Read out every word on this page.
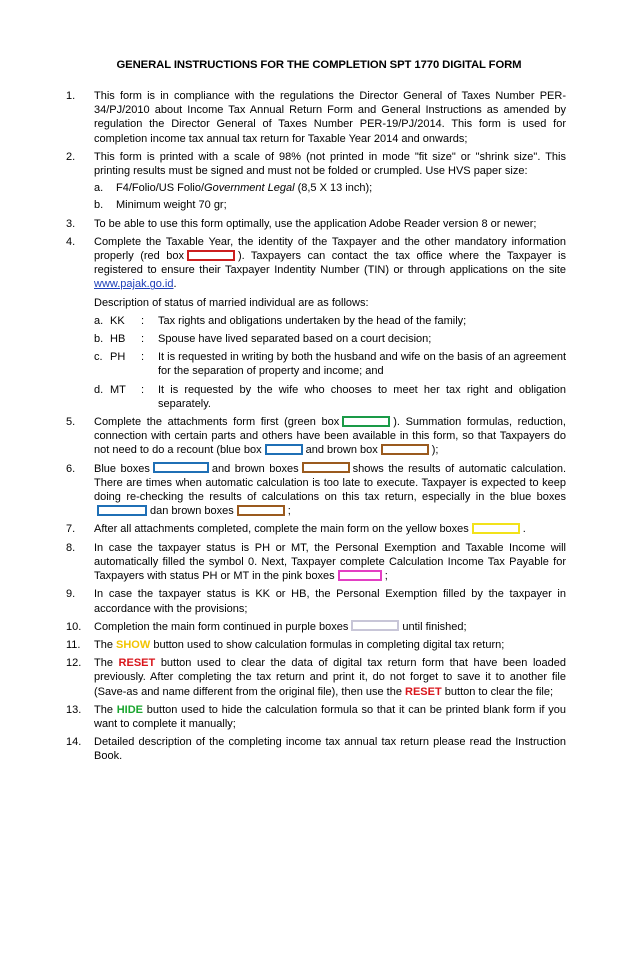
GENERAL INSTRUCTIONS FOR THE COMPLETION SPT 1770 DIGITAL FORM
1.	This form is in compliance with the regulations the Director General of Taxes Number PER-34/PJ/2010 about Income Tax Annual Return Form and General Instructions as amended by regulation the Director General of Taxes Number PER-19/PJ/2014. This form is used for completion income tax annual tax return for Taxable Year 2014 and onwards;
2.	This form is printed with a scale of 98% (not printed in mode "fit size" or "shrink size". This printing results must be signed and must not be folded or crumpled. Use HVS paper size:
a. F4/Folio/US Folio/Government Legal (8,5 X 13 inch);
b. Minimum weight 70 gr;
3.	To be able to use this form optimally, use the application Adobe Reader version 8 or newer;
4.	Complete the Taxable Year, the identity of the Taxpayer and the other mandatory information properly (red box	). Taxpayers can contact the tax office where the Taxpayer is registered to ensure their Taxpayer Indentity Number (TIN) or through applications on the site www.pajak.go.id.
Description of status of married individual are as follows:
a. KK	: Tax rights and obligations undertaken by the head of the family;
b. HB	: Spouse have lived separated based on a court decision;
c. PH	: It is requested in writing by both the husband and wife on the basis of an agreement for the separation of property and income; and
d. MT	: It is requested by the wife who chooses to meet her tax right and obligation separately.
5.	Complete the attachments form first (green box	). Summation formulas, reduction, connection with certain parts and others have been available in this form, so that Taxpayers do not need to do a recount (blue box	and brown box	);
6.	Blue boxes	and brown boxes	shows the results of automatic calculation. There are times when automatic calculation is too late to execute. Taxpayer is expected to keep doing re-checking the results of calculations on this tax return, especially in the blue boxesdan brown boxes	;
7.	After all attachments completed, complete the main form on the yellow boxes	.
8.	In case the taxpayer status is PH or MT, the Personal Exemption and Taxable Income will automatically filled the symbol 0. Next, Taxpayer complete Calculation Income Tax Payable for Taxpayers with status PH or MT in the pink boxes	;
9.	In case the taxpayer status is KK or HB, the Personal Exemption filled by the taxpayer in accordance with the provisions;
10.	Completion the main form continued in purple boxes	until finished;
11.	The SHOW button used to show calculation formulas in completing digital tax return;
12.	The RESET button used to clear the data of digital tax return form that have been loaded previously. After completing the tax return and print it, do not forget to save it to another file (Save-as and name different from the original file), then use the RESET button to clear the file;
13.	The HIDE button used to hide the calculation formula so that it can be printed blank form if you want to complete it manually;
14.	Detailed description of the completing income tax annual tax return please read the Instruction Book.
